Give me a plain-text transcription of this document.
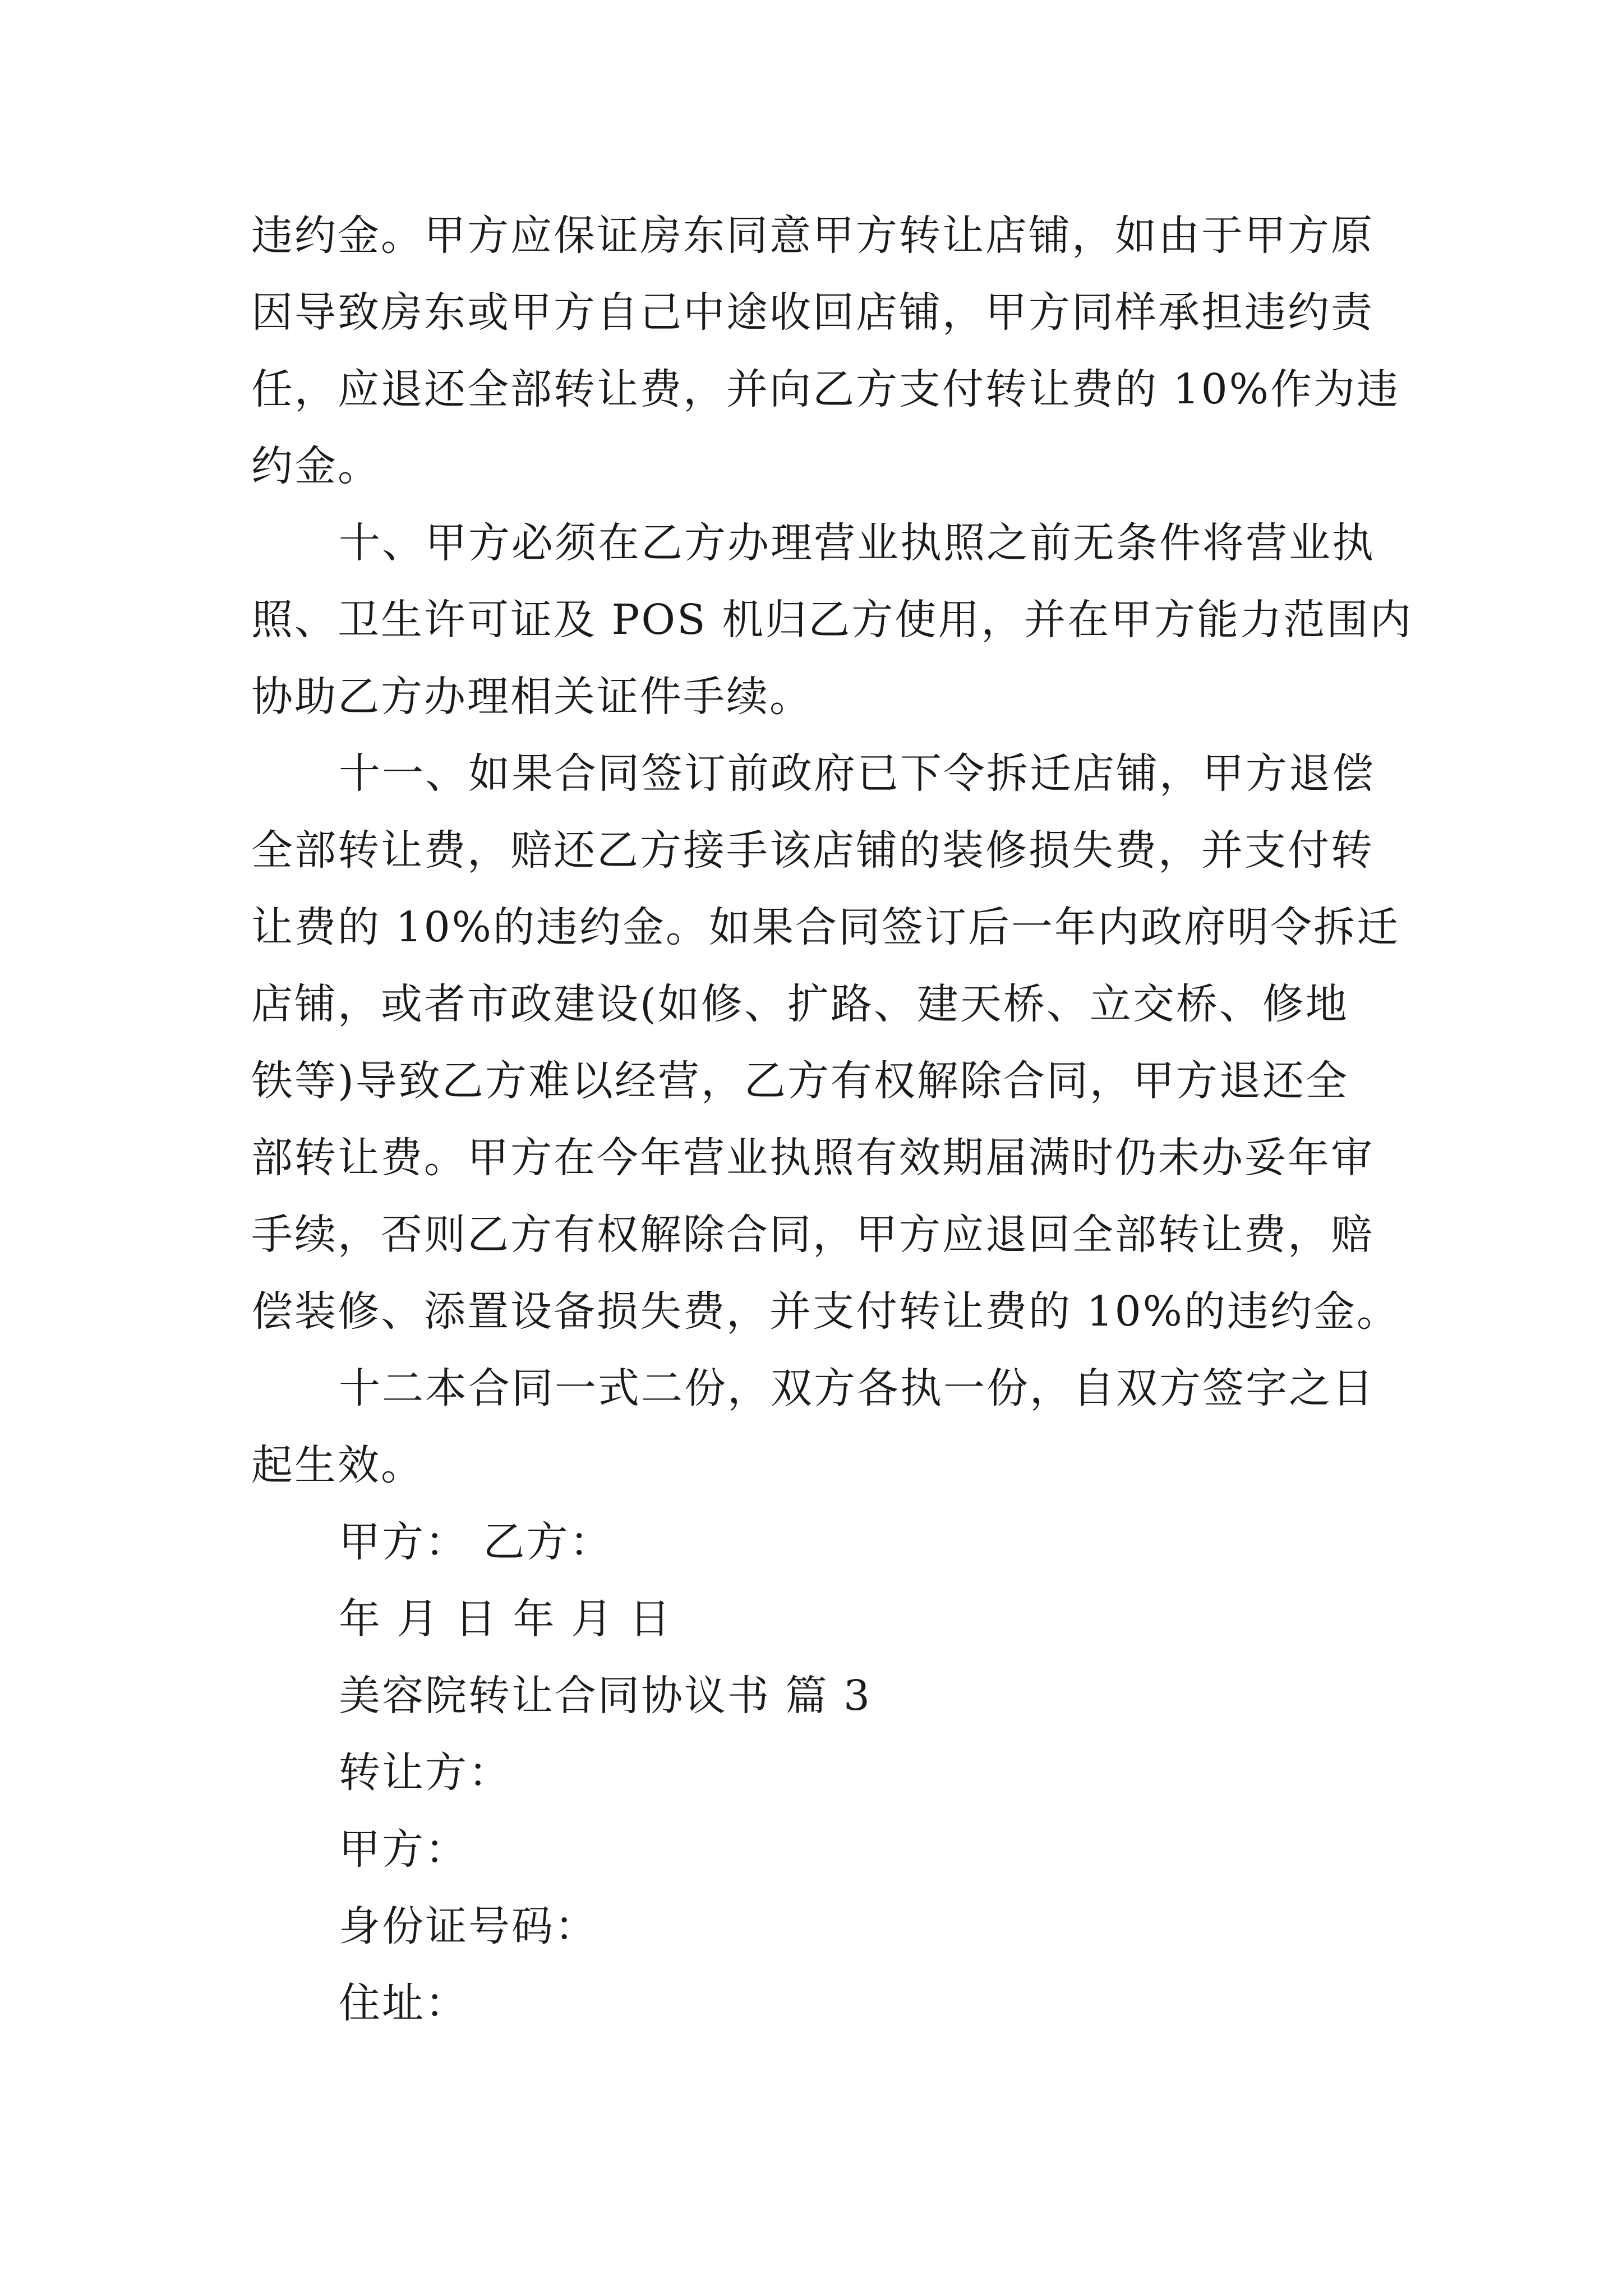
违约金。甲方应保证房东同意甲方转让店铺，如由于甲方原

因导致房东或甲方自己中途收回店铺，甲方同样承担违约责

任，应退还全部转让费，并向乙方支付转让费的 10%作为违

约金。

十、甲方必须在乙方办理营业执照之前无条件将营业执

照、卫生许可证及 POS 机归乙方使用，并在甲方能力范围内

协助乙方办理相关证件手续。

十一、如果合同签订前政府已下令拆迁店铺，甲方退偿

全部转让费，赔还乙方接手该店铺的装修损失费，并支付转

让费的 10%的违约金。如果合同签订后一年内政府明令拆迁

店铺，或者市政建设(如修、扩路、建天桥、立交桥、修地

铁等)导致乙方难以经营，乙方有权解除合同，甲方退还全

部转让费。甲方在今年营业执照有效期届满时仍未办妥年审

手续，否则乙方有权解除合同，甲方应退回全部转让费，赔

偿装修、添置设备损失费，并支付转让费的 10%的违约金。

十二本合同一式二份，双方各执一份，自双方签字之日

起生效。

甲方： 乙方：

年 月 日 年 月 日

美容院转让合同协议书 篇 3

转让方：

甲方：

身份证号码：

住址：
